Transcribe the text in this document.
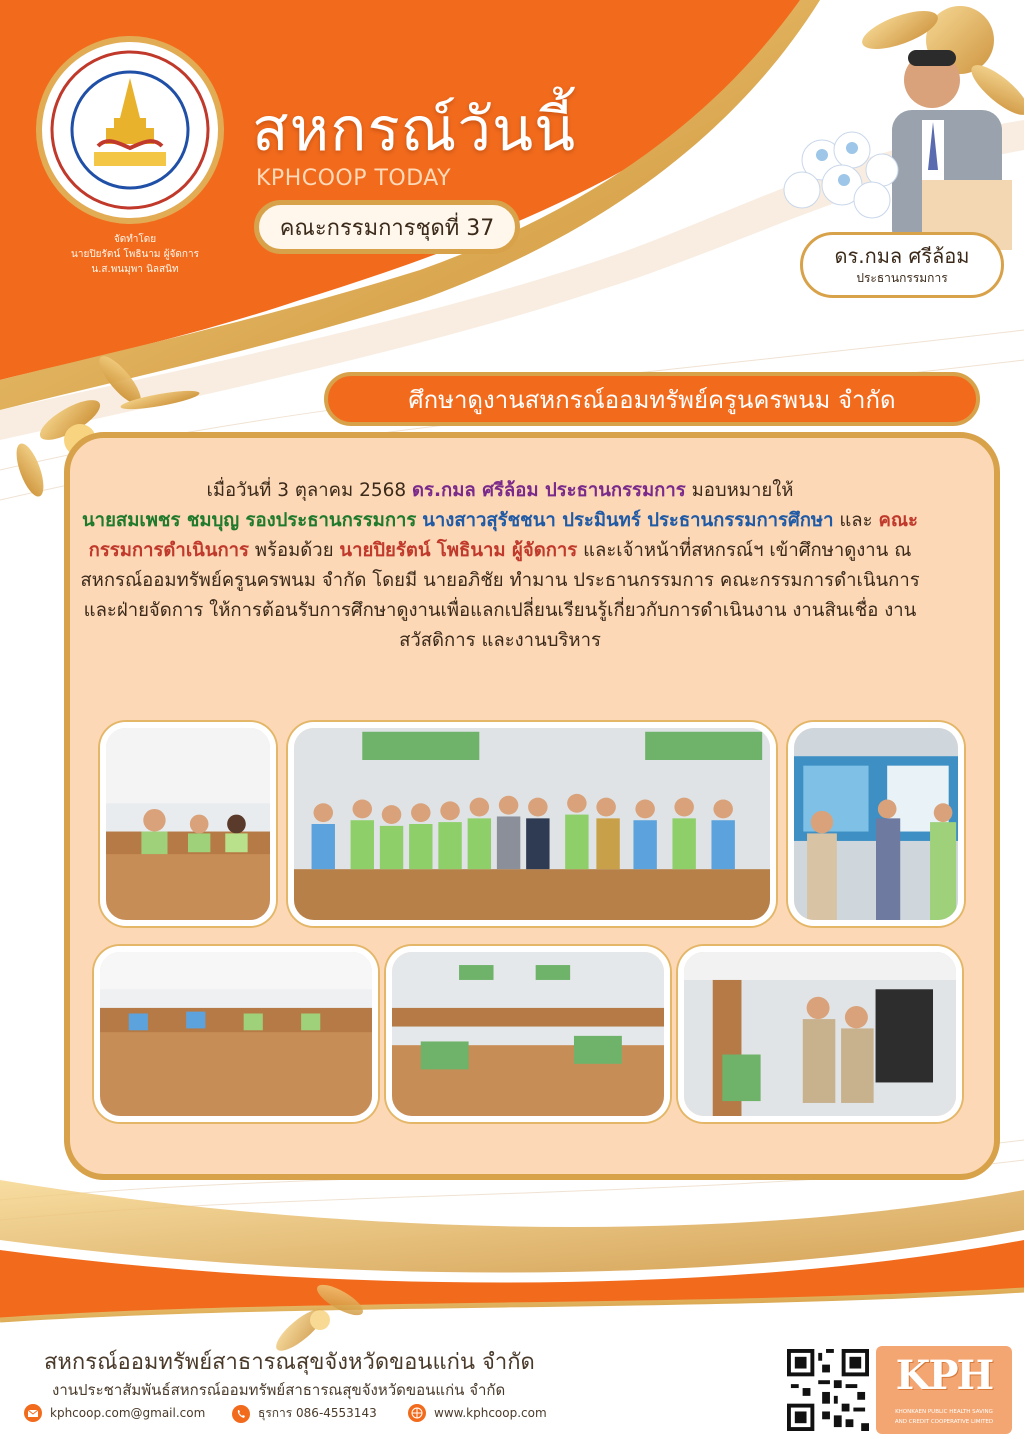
จัดทำโดย
นายปิยรัตน์ โพธินาม ผู้จัดการ
น.ส.พนมุพา นิลสนิท
สหกรณ์วันนี้
KPHCOOP TODAY
คณะกรรมการชุดที่ 37
ดร.กมล ศรีล้อม
ประธานกรรมการ
ศึกษาดูงานสหกรณ์ออมทรัพย์ครูนครพนม จำกัด
เมื่อวันที่ 3 ตุลาคม 2568 ดร.กมล ศรีล้อม ประธานกรรมการ มอบหมายให้
นายสมเพชร ชมบุญ รองประธานกรรมการ นางสาวสุรัชชนา ประมินทร์ ประธานกรรมการศึกษา และ คณะกรรมการดำเนินการ พร้อมด้วย นายปิยรัตน์ โพธินาม ผู้จัดการ และเจ้าหน้าที่สหกรณ์ฯ เข้าศึกษาดูงาน ณ สหกรณ์ออมทรัพย์ครูนครพนม จำกัด โดยมี นายอภิชัย ทำมาน ประธานกรรมการ คณะกรรมการดำเนินการ และฝ่ายจัดการ ให้การต้อนรับการศึกษาดูงานเพื่อแลกเปลี่ยนเรียนรู้เกี่ยวกับการดำเนินงาน งานสินเชื่อ งานสวัสดิการ และงานบริหาร
สหกรณ์ออมทรัพย์สาธารณสุขจังหวัดขอนแก่น จำกัด
งานประชาสัมพันธ์สหกรณ์ออมทรัพย์สาธารณสุขจังหวัดขอนแก่น จำกัด
kphcoop.com@gmail.com	ธุรการ 086-4553143	www.kphcoop.com
KPH
KHONKAEN PUBLIC HEALTH SAVING
AND CREDIT COOPERATIVE LIMITED
